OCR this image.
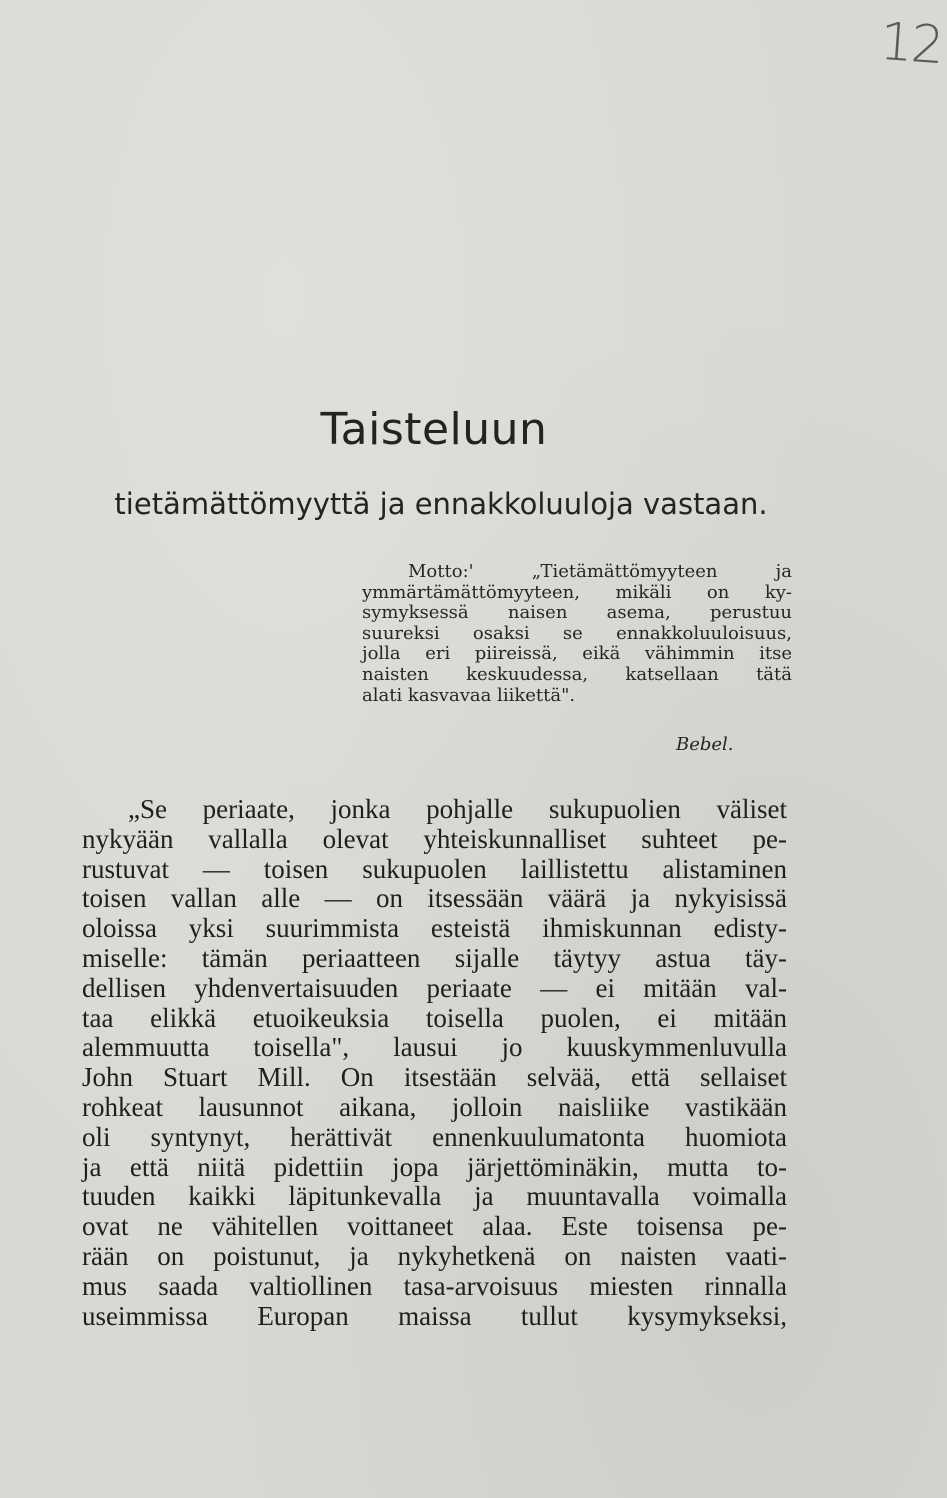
12
Taisteluun
tietämättömyyttä ja ennakkoluuloja vastaan.
Motto:' „Tietämättömyyteen ja
ymmärtämättömyyteen, mikäli on ky-
symyksessä naisen asema, perustuu
suureksi osaksi se ennakkoluuloisuus,
jolla eri piireissä, eikä vähimmin itse
naisten keskuudessa, katsellaan tätä
alati kasvavaa liikettä".
Bebel.
„Se periaate, jonka pohjalle sukupuolien väliset
nykyään vallalla olevat yhteiskunnalliset suhteet pe-
rustuvat — toisen sukupuolen laillistettu alistaminen
toisen vallan alle — on itsessään väärä ja nykyisissä
oloissa yksi suurimmista esteistä ihmiskunnan edisty-
miselle: tämän periaatteen sijalle täytyy astua täy-
dellisen yhdenvertaisuuden periaate — ei mitään val-
taa elikkä etuoikeuksia toisella puolen, ei mitään
alemmuutta toisella", lausui jo kuuskymmenluvulla
John Stuart Mill. On itsestään selvää, että sellaiset
rohkeat lausunnot aikana, jolloin naisliike vastikään
oli syntynyt, herättivät ennenkuulumatonta huomiota
ja että niitä pidettiin jopa järjettöminäkin, mutta to-
tuuden kaikki läpitunkevalla ja muuntavalla voimalla
ovat ne vähitellen voittaneet alaa. Este toisensa pe-
rään on poistunut, ja nykyhetkenä on naisten vaati-
mus saada valtiollinen tasa-arvoisuus miesten rinnalla
useimmissa Europan maissa tullut kysymykseksi,
